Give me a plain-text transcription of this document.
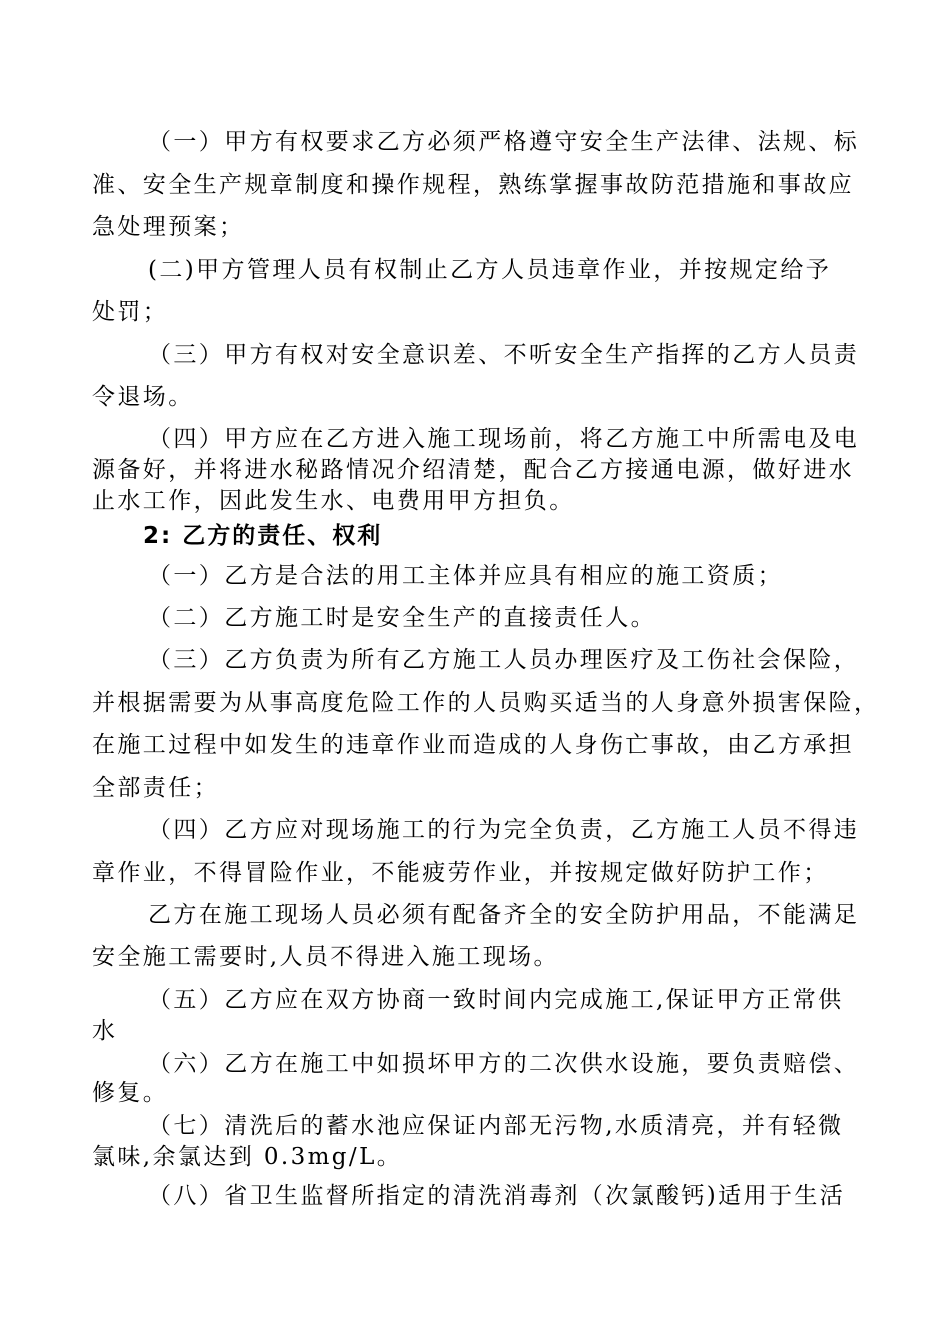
（一）甲方有权要求乙方必须严格遵守安全生产法律、法规、标
准、安全生产规章制度和操作规程，熟练掌握事故防范措施和事故应
急处理预案；
(二)甲方管理人员有权制止乙方人员违章作业，并按规定给予
处罚；
（三）甲方有权对安全意识差、不听安全生产指挥的乙方人员责
令退场。
（四）甲方应在乙方进入施工现场前，将乙方施工中所需电及电
源备好，并将进水秘路情况介绍清楚，配合乙方接通电源，做好进水
止水工作，因此发生水、电费用甲方担负。
2: 乙方的责任、权利
（一）乙方是合法的用工主体并应具有相应的施工资质；
（二）乙方施工时是安全生产的直接责任人。
（三）乙方负责为所有乙方施工人员办理医疗及工伤社会保险，
并根据需要为从事高度危险工作的人员购买适当的人身意外损害保险，
在施工过程中如发生的违章作业而造成的人身伤亡事故，由乙方承担
全部责任；
（四）乙方应对现场施工的行为完全负责，乙方施工人员不得违
章作业，不得冒险作业，不能疲劳作业，并按规定做好防护工作；
乙方在施工现场人员必须有配备齐全的安全防护用品，不能满足
安全施工需要时,人员不得进入施工现场。
（五）乙方应在双方协商一致时间内完成施工,保证甲方正常供
水
（六）乙方在施工中如损坏甲方的二次供水设施，要负责赔偿、
修复。
（七）清洗后的蓄水池应保证内部无污物,水质清亮，并有轻微
氯味,余氯达到 0.3mg/L。
（八）省卫生监督所指定的清洗消毒剂（次氯酸钙)适用于生活
